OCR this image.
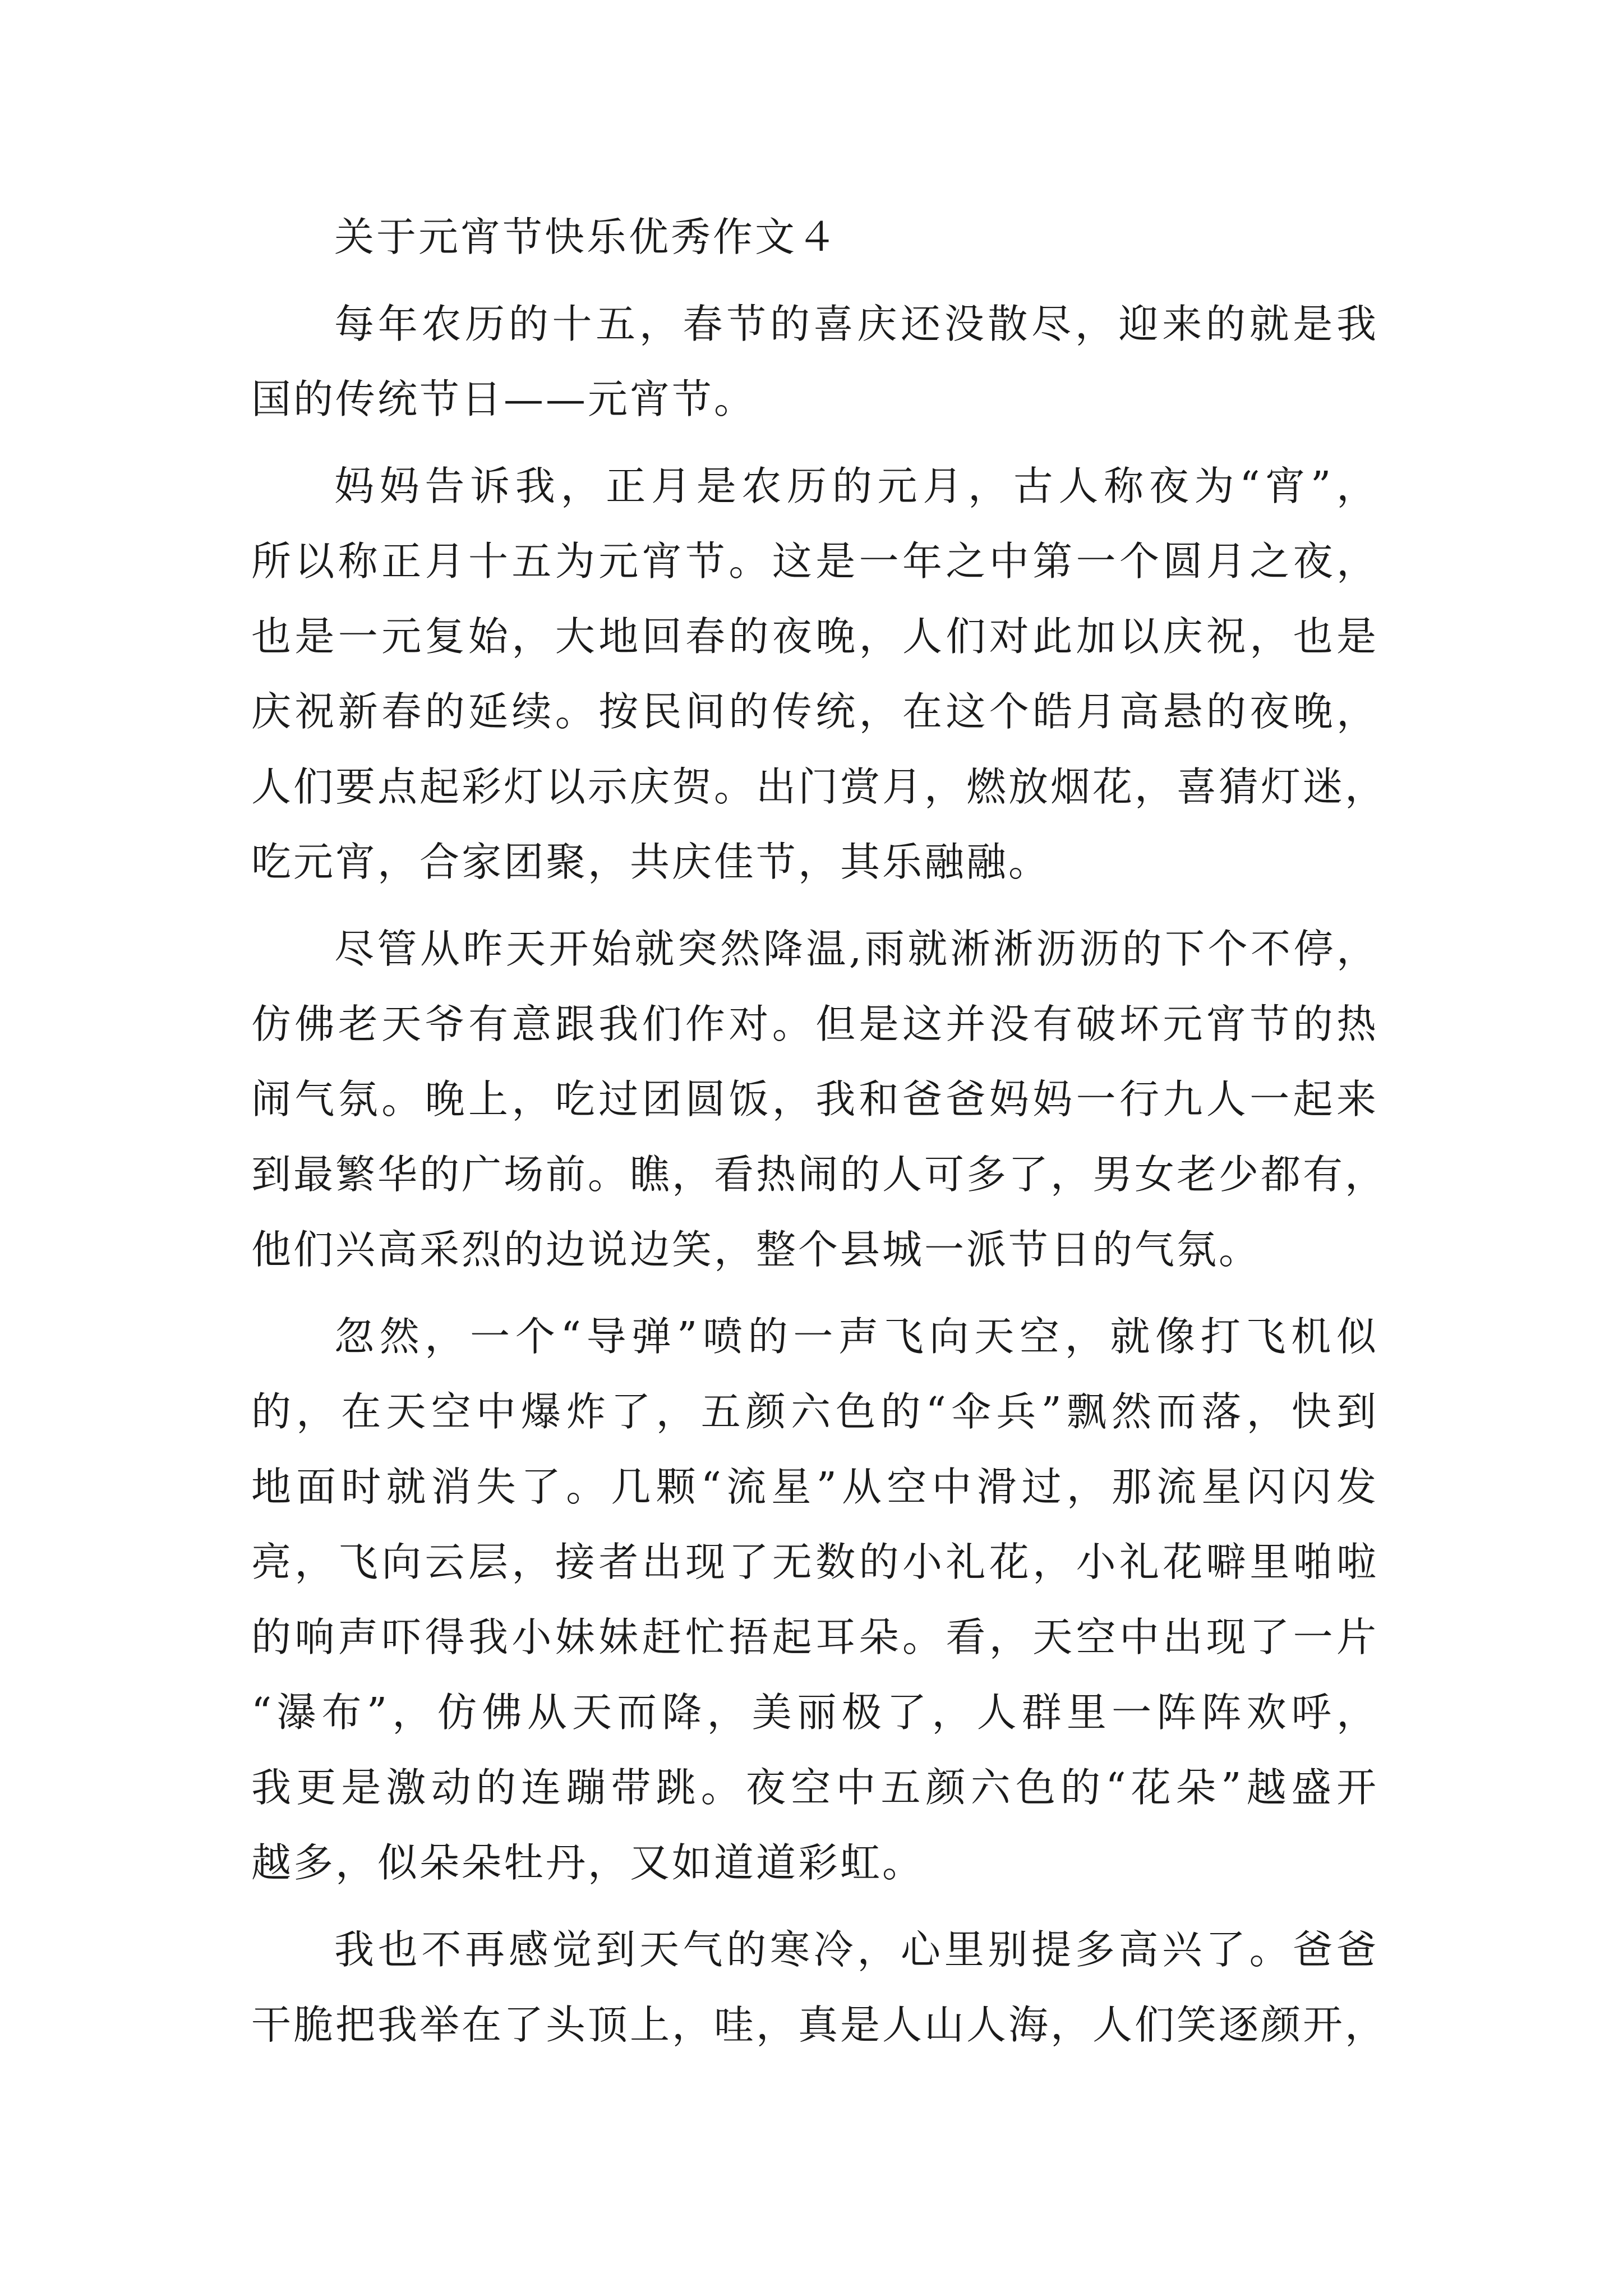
关于元宵节快乐优秀作文４

每年农历的十五，春节的喜庆还没散尽，迎来的就是我
国的传统节日——元宵节。

妈妈告诉我，正月是农历的元月，古人称夜为“宵”，
所以称正月十五为元宵节。这是一年之中第一个圆月之夜，
也是一元复始，大地回春的夜晚，人们对此加以庆祝，也是
庆祝新春的延续。按民间的传统，在这个皓月高悬的夜晚，
人们要点起彩灯以示庆贺。出门赏月，燃放烟花，喜猜灯迷，
吃元宵，合家团聚，共庆佳节，其乐融融。

尽管从昨天开始就突然降温,雨就淅淅沥沥的下个不停，
仿佛老天爷有意跟我们作对。但是这并没有破坏元宵节的热
闹气氛。晚上，吃过团圆饭，我和爸爸妈妈一行九人一起来
到最繁华的广场前。瞧，看热闹的人可多了，男女老少都有，
他们兴高采烈的边说边笑，整个县城一派节日的气氛。

忽然，一个“导弹”喷的一声飞向天空，就像打飞机似
的，在天空中爆炸了，五颜六色的“伞兵”飘然而落，快到
地面时就消失了。几颗“流星”从空中滑过，那流星闪闪发
亮，飞向云层，接者出现了无数的小礼花，小礼花噼里啪啦
的响声吓得我小妹妹赶忙捂起耳朵。看，天空中出现了一片
“瀑布”，仿佛从天而降，美丽极了，人群里一阵阵欢呼，
我更是激动的连蹦带跳。夜空中五颜六色的“花朵”越盛开
越多，似朵朵牡丹，又如道道彩虹。

我也不再感觉到天气的寒冷，心里别提多高兴了。爸爸
干脆把我举在了头顶上，哇，真是人山人海，人们笑逐颜开，
